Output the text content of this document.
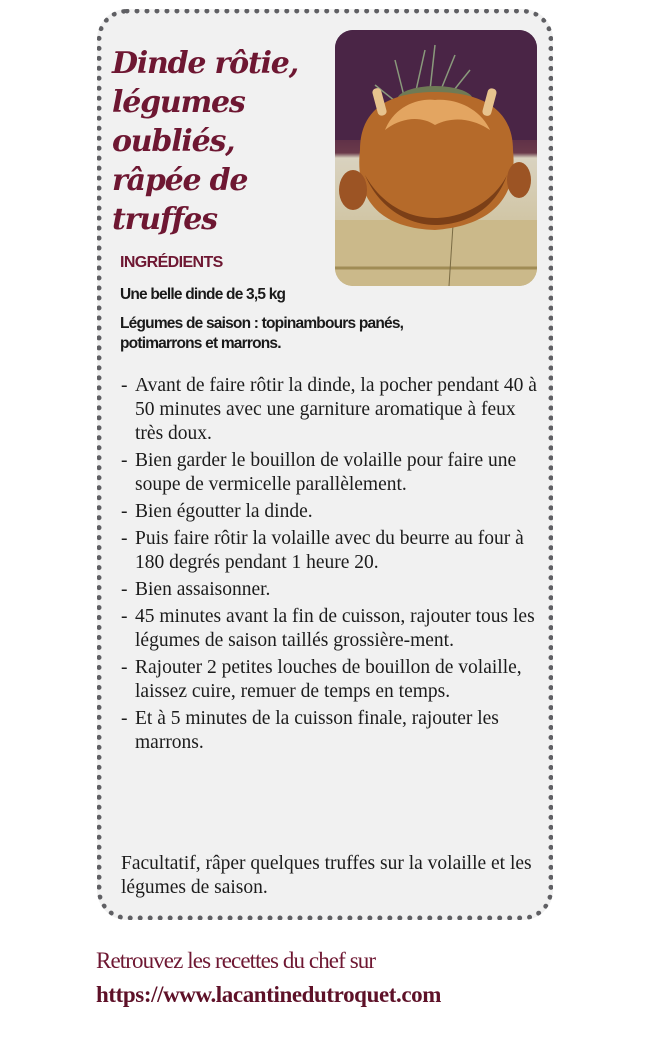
Dinde rôtie, légumes oubliés, râpée de truffes
INGRÉDIENTS

Une belle dinde de 3,5 kg

Légumes de saison : topinambours panés, potimarrons et marrons.

- Avant de faire rôtir la dinde, la pocher pendant 40 à 50 minutes avec une garniture aromatique à feux très doux.
- Bien garder le bouillon de volaille pour faire une soupe de vermicelle parallèlement.
- Bien égoutter la dinde.
- Puis faire rôtir la volaille avec du beurre au four à 180 degrés pendant 1 heure 20.
- Bien assaisonner.
- 45 minutes avant la fin de cuisson, rajouter tous les légumes de saison taillés grossière-ment.
- Rajouter 2 petites louches de bouillon de volaille, laissez cuire, remuer de temps en temps.
- Et à 5 minutes de la cuisson finale, rajouter les marrons.

Facultatif, râper quelques truffes sur la volaille et les légumes de saison.

Retrouvez les recettes du chef sur

https://www.lacantinedutroquet.com
